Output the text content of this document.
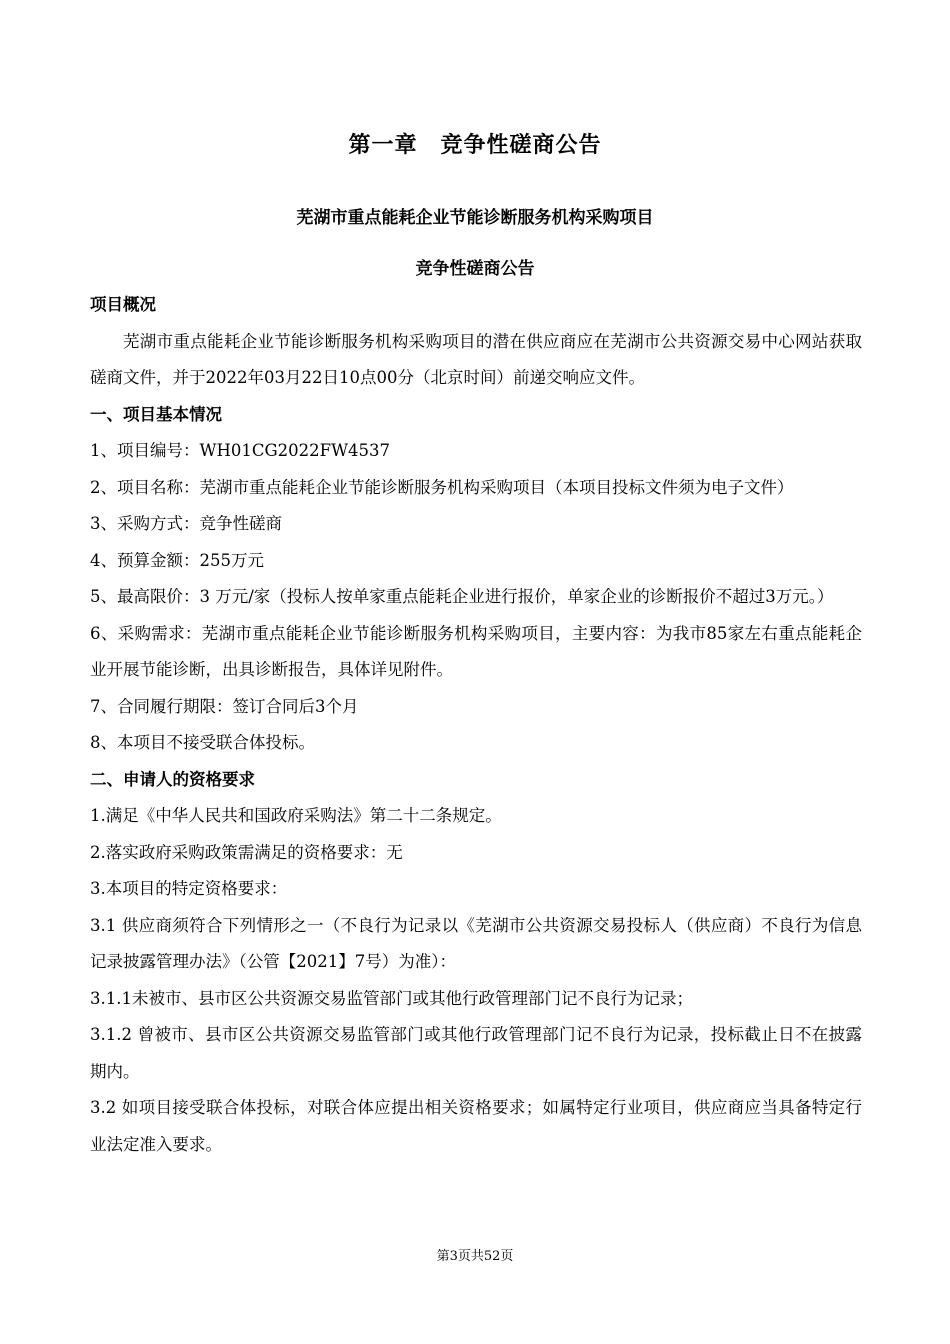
第一章　竞争性磋商公告
芜湖市重点能耗企业节能诊断服务机构采购项目
竞争性磋商公告

项目概况

芜湖市重点能耗企业节能诊断服务机构采购项目的潜在供应商应在芜湖市公共资源交易中心网站获取磋商文件，并于2022年03月22日10点00分（北京时间）前递交响应文件。

一、项目基本情况

1、项目编号：WH01CG2022FW4537

2、项目名称：芜湖市重点能耗企业节能诊断服务机构采购项目（本项目投标文件须为电子文件）

3、采购方式：竞争性磋商

4、预算金额：255万元

5、最高限价：3 万元/家（投标人按单家重点能耗企业进行报价，单家企业的诊断报价不超过3万元。）

6、采购需求：芜湖市重点能耗企业节能诊断服务机构采购项目，主要内容：为我市85家左右重点能耗企业开展节能诊断，出具诊断报告，具体详见附件。

7、合同履行期限：签订合同后3个月

8、本项目不接受联合体投标。

二、申请人的资格要求

1.满足《中华人民共和国政府采购法》第二十二条规定。

2.落实政府采购政策需满足的资格要求：无

3.本项目的特定资格要求：

3.1 供应商须符合下列情形之一（不良行为记录以《芜湖市公共资源交易投标人（供应商）不良行为信息记录披露管理办法》（公管【2021】7号）为准）：

3.1.1未被市、县市区公共资源交易监管部门或其他行政管理部门记不良行为记录；

3.1.2 曾被市、县市区公共资源交易监管部门或其他行政管理部门记不良行为记录，投标截止日不在披露期内。

3.2 如项目接受联合体投标，对联合体应提出相关资格要求；如属特定行业项目，供应商应当具备特定行业法定准入要求。

第3页共52页
